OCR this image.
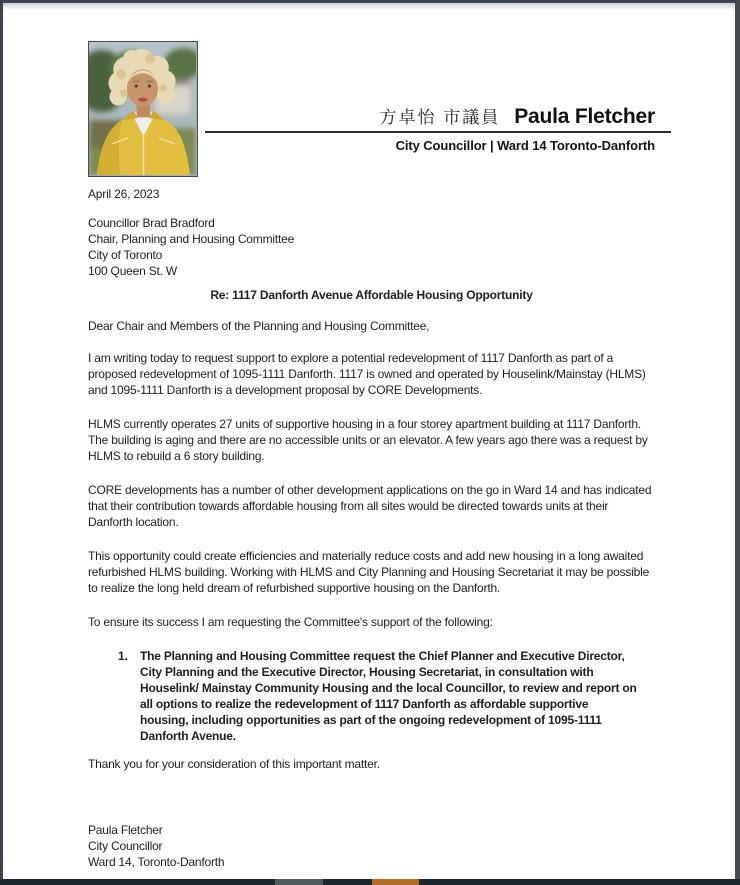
方卓怡 市議員 Paula Fletcher
City Councillor | Ward 14 Toronto-Danforth
April 26, 2023
Councillor Brad Bradford
Chair, Planning and Housing Committee
City of Toronto
100 Queen St. W
Re: 1117 Danforth Avenue Affordable Housing Opportunity
Dear Chair and Members of the Planning and Housing Committee,

I am writing today to request support to explore a potential redevelopment of 1117 Danforth as part of a proposed redevelopment of 1095-1111 Danforth. 1117 is owned and operated by Houselink/Mainstay (HLMS) and 1095-1111 Danforth is a development proposal by CORE Developments.

HLMS currently operates 27 units of supportive housing in a four storey apartment building at 1117 Danforth. The building is aging and there are no accessible units or an elevator. A few years ago there was a request by HLMS to rebuild a 6 story building.

CORE developments has a number of other development applications on the go in Ward 14 and has indicated that their contribution towards affordable housing from all sites would be directed towards units at their Danforth location.

This opportunity could create efficiencies and materially reduce costs and add new housing in a long awaited refurbished HLMS building. Working with HLMS and City Planning and Housing Secretariat it may be possible to realize the long held dream of refurbished supportive housing on the Danforth.

To ensure its success I am requesting the Committee's support of the following:
1.	The Planning and Housing Committee request the Chief Planner and Executive Director, City Planning and the Executive Director, Housing Secretariat, in consultation with Houselink/ Mainstay Community Housing and the local Councillor, to review and report on all options to realize the redevelopment of 1117 Danforth as affordable supportive housing, including opportunities as part of the ongoing redevelopment of 1095-1111 Danforth Avenue.
Thank you for your consideration of this important matter.
Paula Fletcher
City Councillor
Ward 14, Toronto-Danforth
